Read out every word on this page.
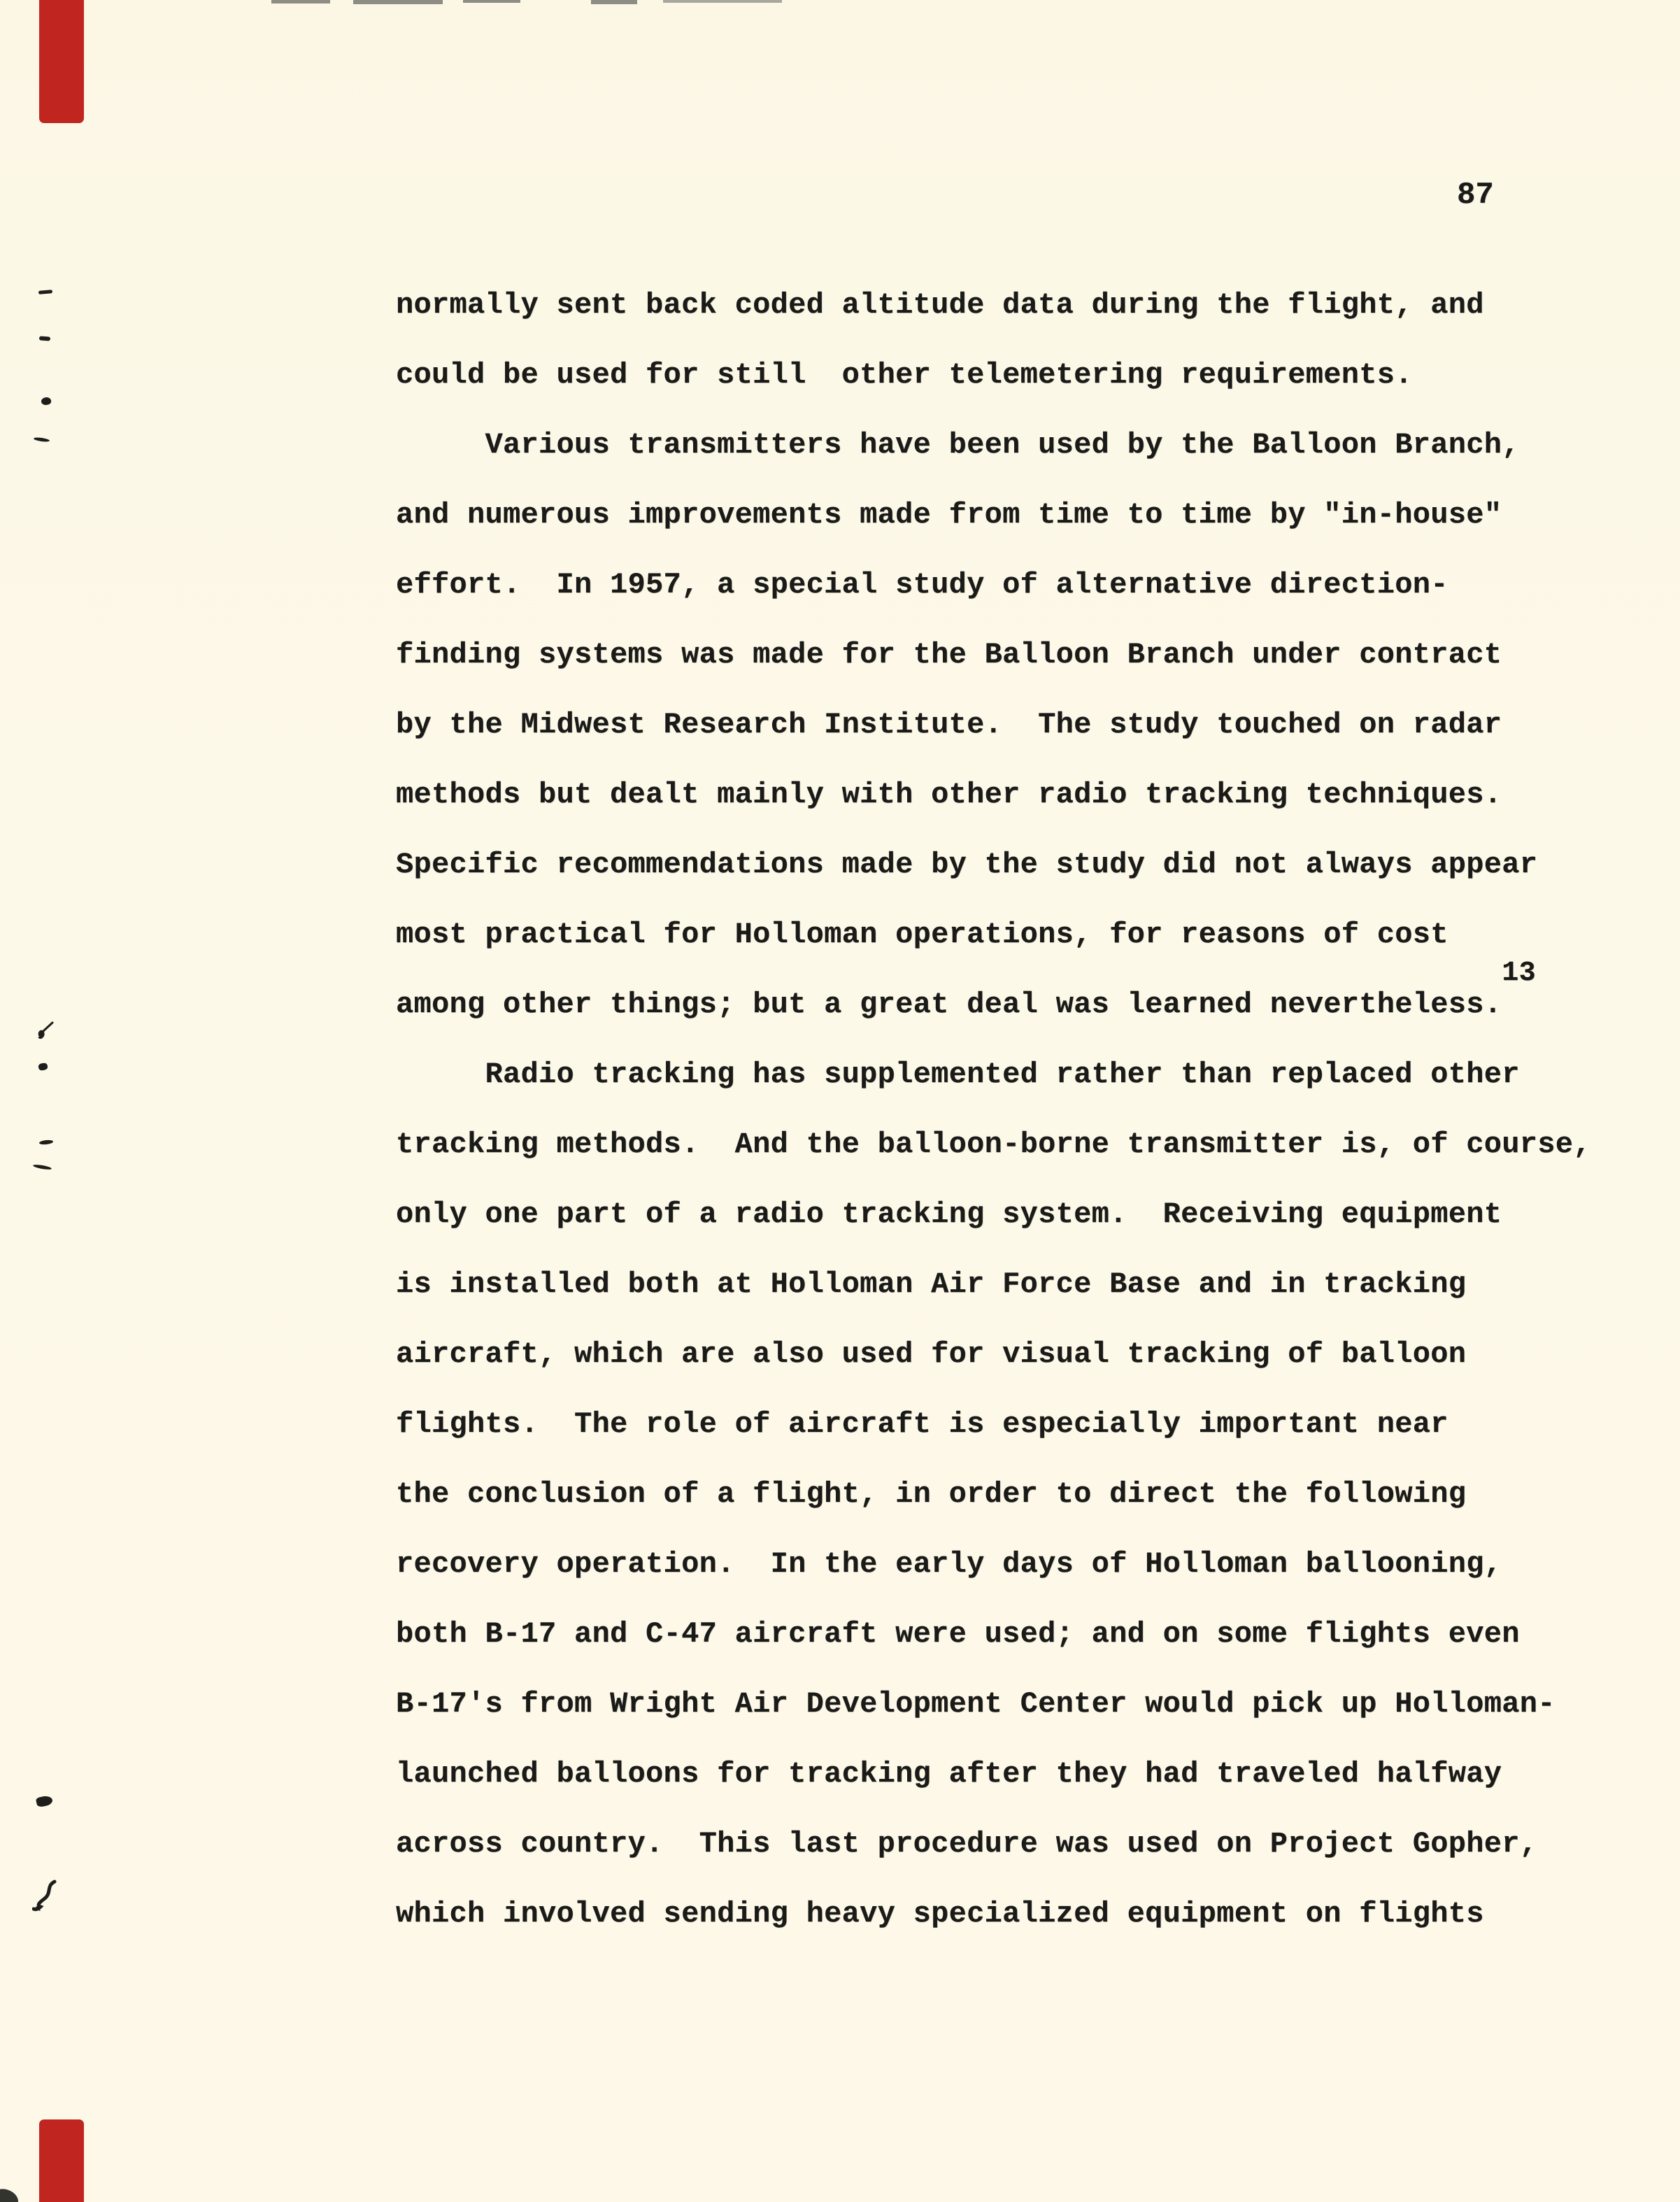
87
normally sent back coded altitude data during the flight, and
could be used for still  other telemetering requirements.
Various transmitters have been used by the Balloon Branch,
and numerous improvements made from time to time by "in-house"
effort.  In 1957, a special study of alternative direction-
finding systems was made for the Balloon Branch under contract
by the Midwest Research Institute.  The study touched on radar
methods but dealt mainly with other radio tracking techniques.
Specific recommendations made by the study did not always appear
most practical for Holloman operations, for reasons of cost
among other things; but a great deal was learned nevertheless.13
Radio tracking has supplemented rather than replaced other
tracking methods.  And the balloon-borne transmitter is, of course,
only one part of a radio tracking system.  Receiving equipment
is installed both at Holloman Air Force Base and in tracking
aircraft, which are also used for visual tracking of balloon
flights.  The role of aircraft is especially important near
the conclusion of a flight, in order to direct the following
recovery operation.  In the early days of Holloman ballooning,
both B-17 and C-47 aircraft were used; and on some flights even
B-17's from Wright Air Development Center would pick up Holloman-
launched balloons for tracking after they had traveled halfway
across country.  This last procedure was used on Project Gopher,
which involved sending heavy specialized equipment on flights
